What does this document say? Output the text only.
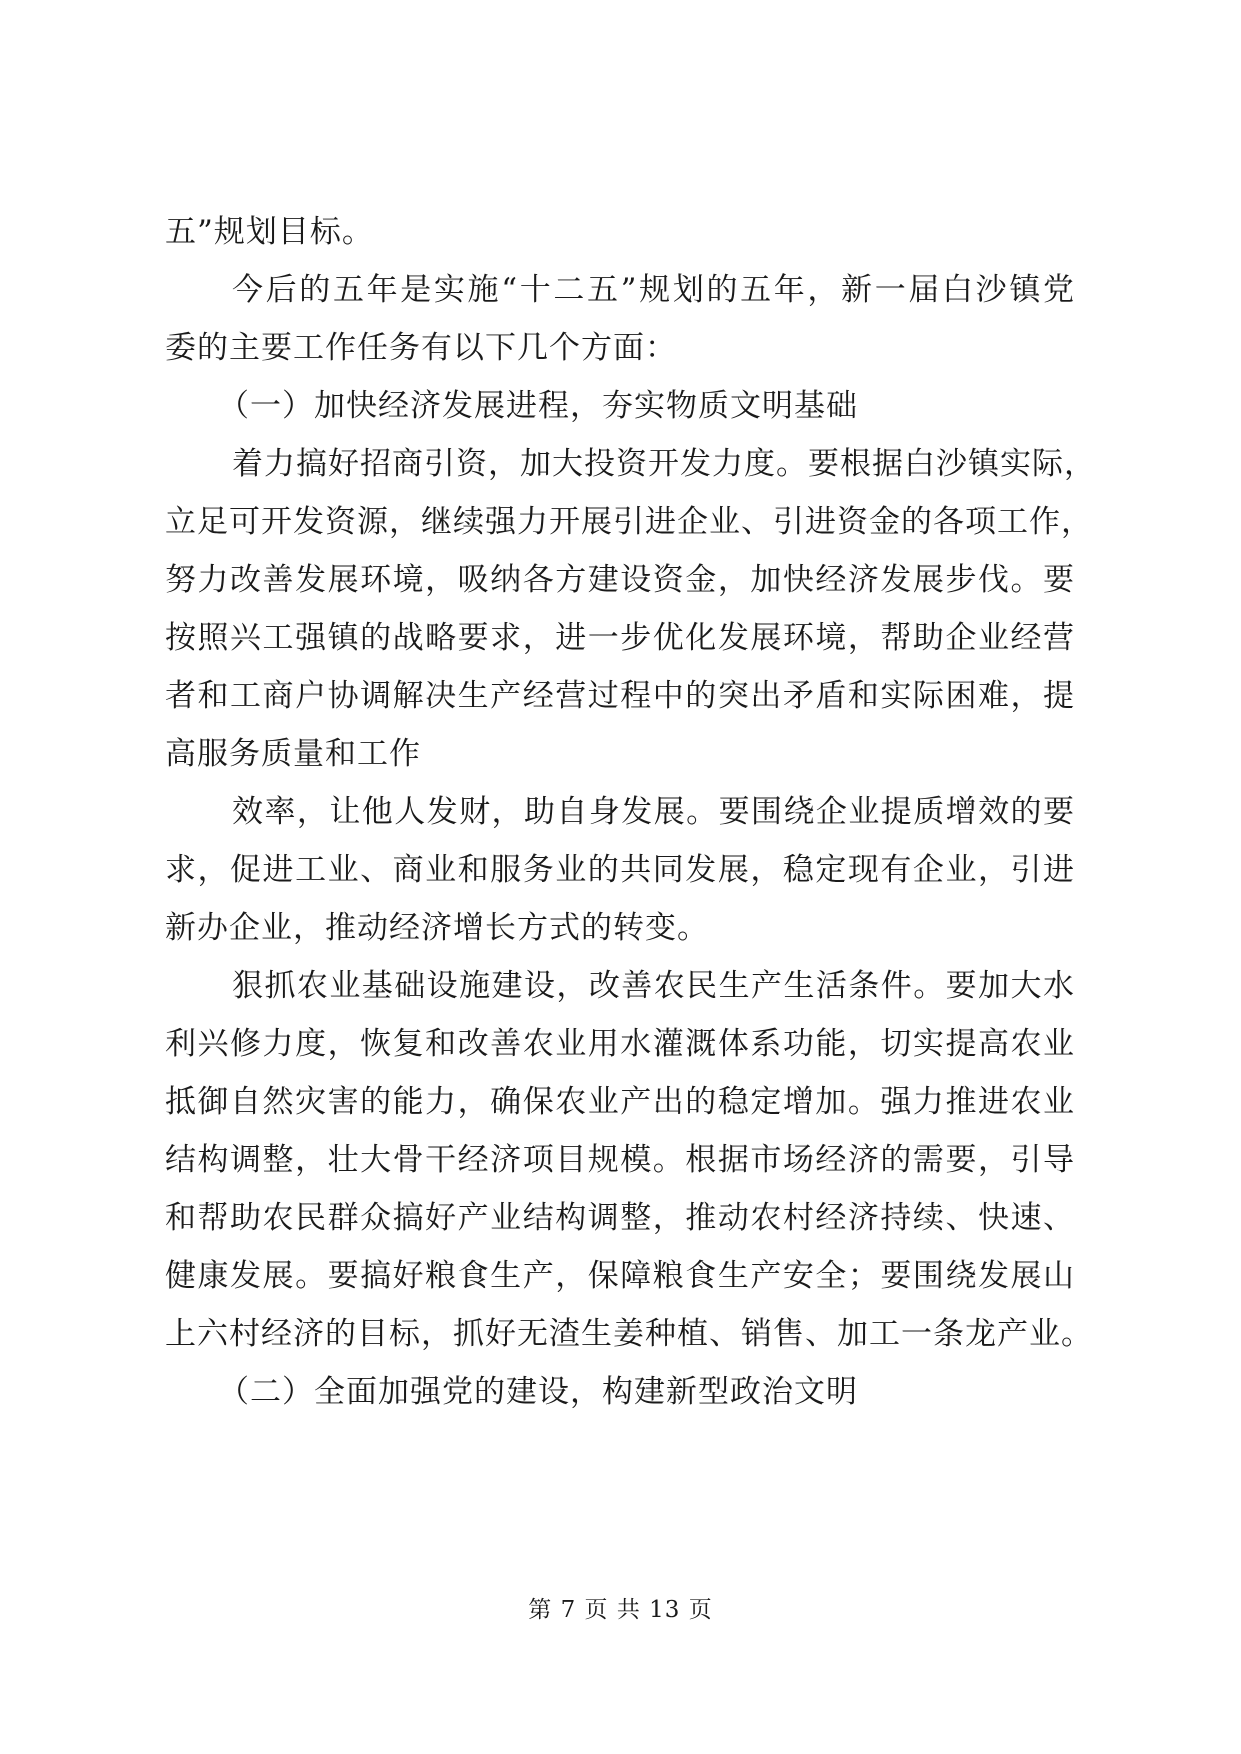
五”规划目标。
今后的五年是实施“十二五”规划的五年，新一届白沙镇党
委的主要工作任务有以下几个方面：
（一）加快经济发展进程，夯实物质文明基础
着力搞好招商引资，加大投资开发力度。要根据白沙镇实际，
立足可开发资源，继续强力开展引进企业、引进资金的各项工作，
努力改善发展环境，吸纳各方建设资金，加快经济发展步伐。要
按照兴工强镇的战略要求，进一步优化发展环境，帮助企业经营
者和工商户协调解决生产经营过程中的突出矛盾和实际困难，提
高服务质量和工作
效率，让他人发财，助自身发展。要围绕企业提质增效的要
求，促进工业、商业和服务业的共同发展，稳定现有企业，引进
新办企业，推动经济增长方式的转变。
狠抓农业基础设施建设，改善农民生产生活条件。要加大水
利兴修力度，恢复和改善农业用水灌溉体系功能，切实提高农业
抵御自然灾害的能力，确保农业产出的稳定增加。强力推进农业
结构调整，壮大骨干经济项目规模。根据市场经济的需要，引导
和帮助农民群众搞好产业结构调整，推动农村经济持续、快速、
健康发展。要搞好粮食生产，保障粮食生产安全；要围绕发展山
上六村经济的目标，抓好无渣生姜种植、销售、加工一条龙产业。
（二）全面加强党的建设，构建新型政治文明
第 7 页 共 13 页
